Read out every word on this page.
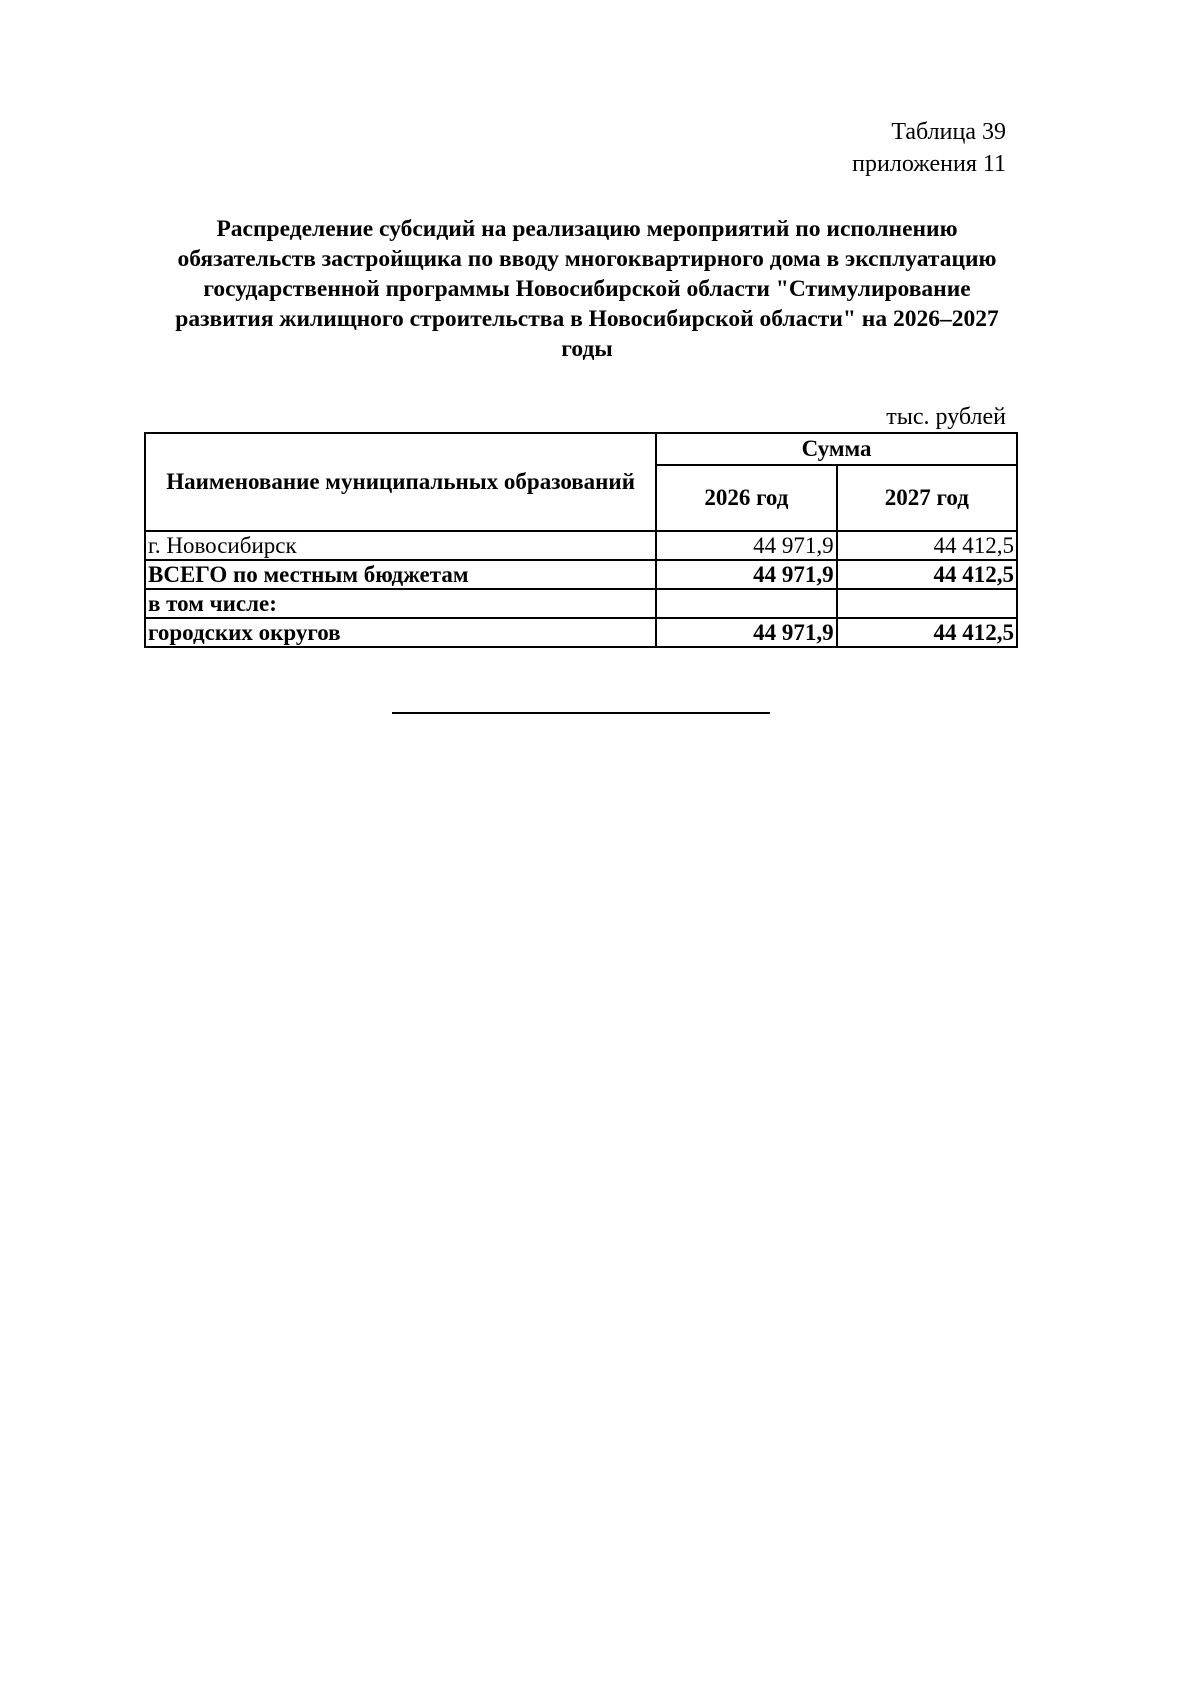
Таблица 39
приложения 11
Распределение субсидий на реализацию мероприятий по исполнению
обязательств застройщика по вводу многоквартирного дома в эксплуатацию
государственной программы Новосибирской области "Стимулирование
развития жилищного строительства в Новосибирской области" на 2026–2027
годы
тыс. рублей
Наименование муниципальных образований	Сумма	
	2026 год	2027 год
г. Новосибирск	44 971,9	44 412,5
ВСЕГО по местным бюджетам	44 971,9	44 412,5
в том числе:		
городских округов	44 971,9	44 412,5
